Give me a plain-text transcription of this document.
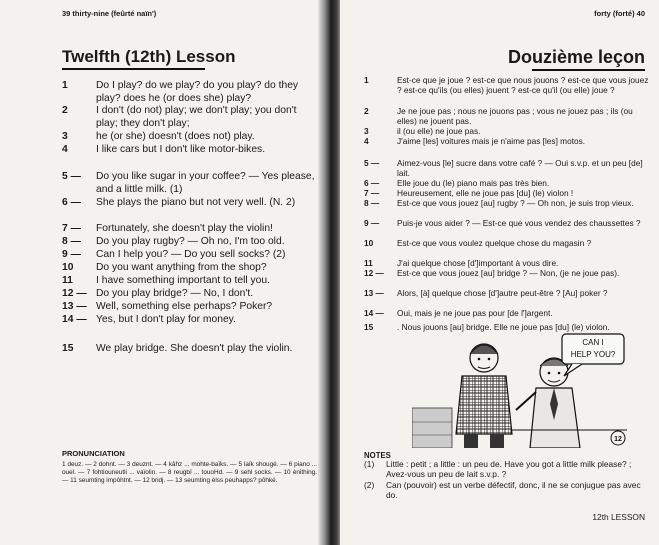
39 thirty-nine (feûrté naïn')
Twelfth (12th) Lesson
1	Do I play? do we play? do you play? do they play? does he (or does she) play?
2	I don't (do not) play; we don't play; you don't play; they don't play;
3	he (or she) doesn't (does not) play.
4	I like cars but I don't like motor-bikes.
5 — Do you like sugar in your coffee? — Yes please, and a little milk. (1)
6 — She plays the piano but not very well. (N. 2)
7 — Fortunately, she doesn't play the violin!
8 — Do you play rugby? — Oh no, I'm too old.
9 — Can I help you? — Do you sell socks? (2)
10 Do you want anything from the shop?
11 I have something important to tell you.
12 — Do you play bridge? — No, I don't.
13 — Well, something else perhaps? Poker?
14 — Yes, but I don't play for money.
15 We play bridge. She doesn't play the violin.
PRONUNCIATION
1 deuz. — 2 dohnt. — 3 deuznt. — 4 kâhz ... mohte-baïks. — 5 laïk shougé. — 6 piano ... ouel. — 7 fohtiouneutli ... vaïolin. — 8 reugbï ... touoHd. — 9 sehl socks. — 10 ènithing. — 11 seumting impôhtnt. — 12 bridj. — 13 seumting èlss peuhapps? pôhké.
forty (forté) 40
Douzième leçon
1	Est-ce que je joue ? est-ce que nous jouons ? est-ce que vous jouez ? est-ce qu'ils (ou elles) jouent ? est-ce qu'il (ou elle) joue ?
2	Je ne joue pas ; nous ne jouons pas ; vous ne jouez pas ; ils (ou elles) ne jouent pas.
3	il (ou elle) ne joue pas.
4	J'aime [les] voitures mais je n'aime pas [les] motos.
5 — Aimez-vous [le] sucre dans votre café ? — Oui s.v.p. et un peu [de] lait.
6 — Elle joue du (le) piano mais pas très bien.
7 — Heureusement, elle ne joue pas [du] (le) violon !
8 — Est-ce que vous jouez [au] rugby ? — Oh non, je suis trop vieux.
9 — Puis-je vous aider ? — Est-ce que vous vendez des chaussettes ?
10	Est-ce que vous voulez quelque chose du magasin ?
11	J'ai quelque chose [d']important à vous dire.
12 — Est-ce que vous jouez [au] bridge ? — Non, (je ne joue pas).
13 — Alors, [à] quelque chose [d']autre peut-être ? [Au] poker ?
14 — Oui, mais je ne joue pas pour [de l']argent.
15	. Nous jouons [au] bridge. Elle ne joue pas [du] (le) violon.
CAN I
HELP YOU?
12
NOTES
(1) Little : petit ; a little : un peu de. Have you got a little milk please? ; Avez-vous un peu de lait s.v.p. ?
(2) Can (pouvoir) est un verbe défectif, donc, il ne se conjugue pas avec do.
12th LESSON
